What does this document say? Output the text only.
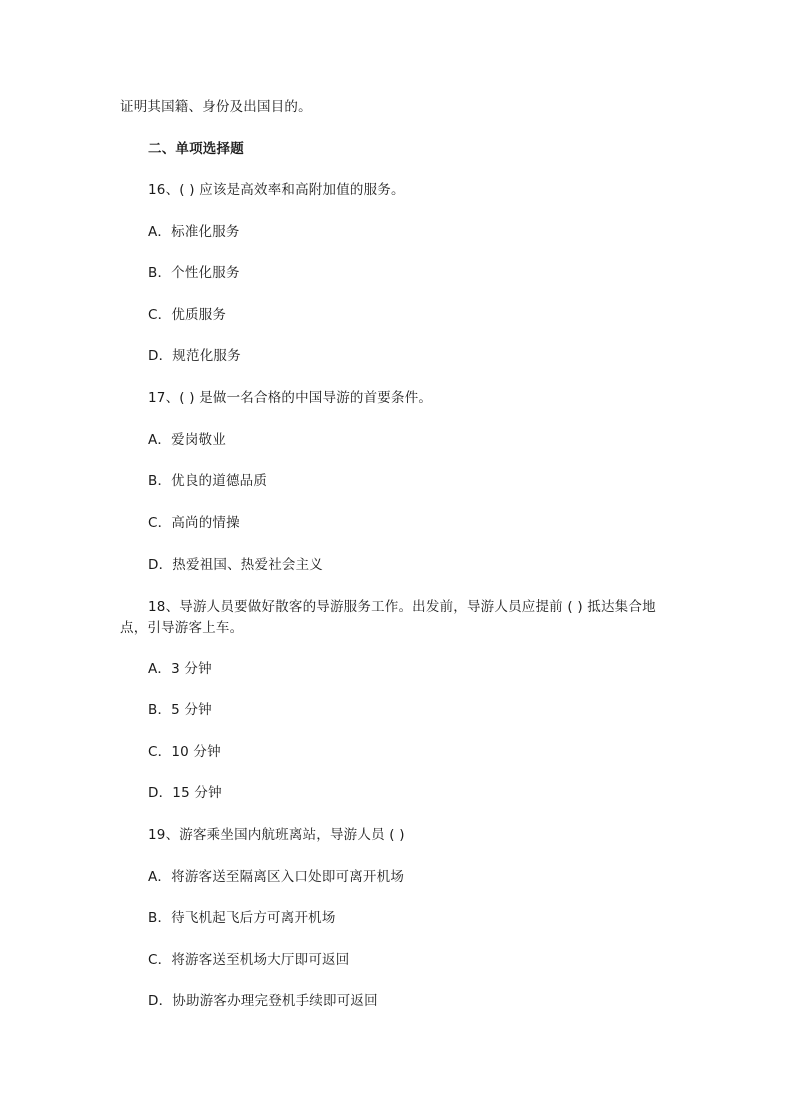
证明其国籍、身份及出国目的。
二、单项选择题
16、( ) 应该是高效率和高附加值的服务。
A．标准化服务
B．个性化服务
C．优质服务
D．规范化服务
17、( ) 是做一名合格的中国导游的首要条件。
A．爱岗敬业
B．优良的道德品质
C．高尚的情操
D．热爱祖国、热爱社会主义
18、导游人员要做好散客的导游服务工作。出发前，导游人员应提前 ( ) 抵达集合地
点，引导游客上车。
A．3 分钟
B．5 分钟
C．10 分钟
D．15 分钟
19、游客乘坐国内航班离站，导游人员 ( )
A．将游客送至隔离区入口处即可离开机场
B．待飞机起飞后方可离开机场
C．将游客送至机场大厅即可返回
D．协助游客办理完登机手续即可返回
